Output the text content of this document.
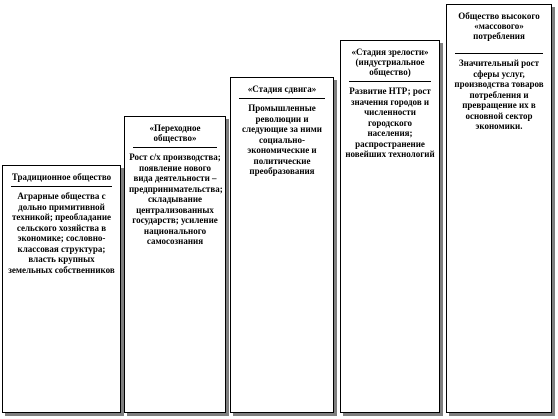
Традиционное общество
Аграрные общества с дольно примитивной техникой; преобладание сельского хозяйства в экономике; сословно-классовая структура; власть крупных земельных собственников
«Переходное общество»
Рост с/х производства; появление нового вида деятельности – предпринимательства; складывание централизованных государств; усиление национального самосознания
«Стадия сдвига»
Промышленные революции и следующие за ними социально-экономические и политические преобразования
«Стадия зрелости» (индустриальное общество)
Развитие НТР; рост значения городов и численности городского населения; распространение новейших технологий
Общество высокого «массового» потребления
Значительный рост сферы услуг, производства товаров потребления и превращение их в основной сектор экономики.
